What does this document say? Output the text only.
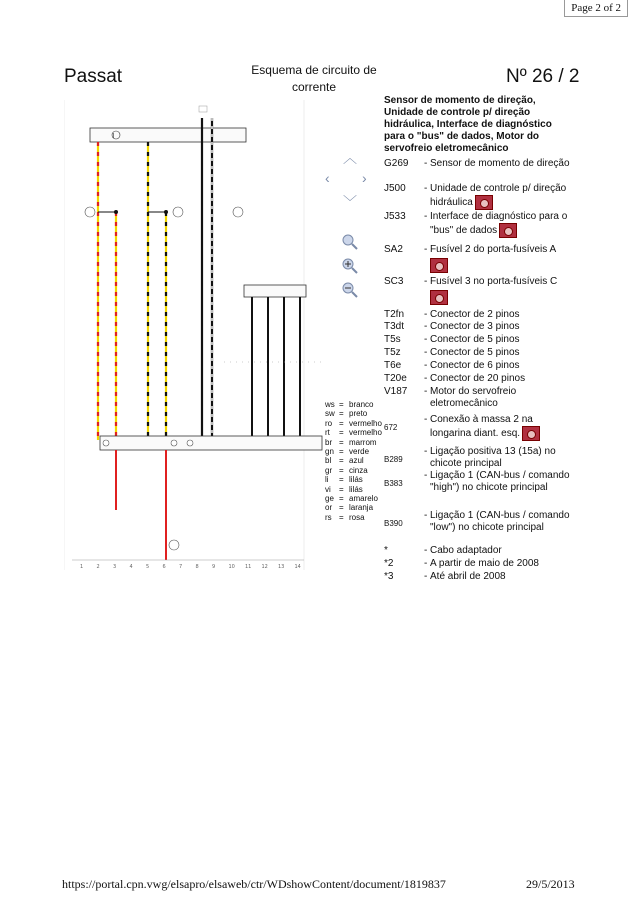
Page 2 of 2
Passat	Esquema de circuito de
corrente	Nº 26 / 2
J
1	2	3	4	5	6	7	8	9	10 11 12 13 14
︿
‹ ›
﹀
Sensor de momento de direção, Unidade de controle p/ direção hidráulica, Interface de diagnóstico para o "bus" de dados, Motor do servofreio eletromecânico
G269 - Sensor de momento de direção
J500 - Unidade de controle p/ direção hidráulica
J533 - Interface de diagnóstico para o "bus" de dados
SA2 - Fusível 2 do porta-fusíveis A
SC3 - Fusível 3 no porta-fusíveis C
T2fn - Conector de 2 pinos
T3dt - Conector de 3 pinos
T5s - Conector de 5 pinos
T5z - Conector de 5 pinos
T6e - Conector de 6 pinos
T20e - Conector de 20 pinos
V187 - Motor do servofreio eletromecânico
672
- Conexão à massa 2 na longarina diant. esq.
B289
- Ligação positiva 13 (15a) no chicote principal
B383
- Ligação 1 (CAN-bus / comando "high") no chicote principal
B390
- Ligação 1 (CAN-bus / comando "low") no chicote principal
*	- Cabo adaptador
*2	- A partir de maio de 2008
*3	- Até abril de 2008
ws = branco
sw = preto
ro = vermelho
rt = vermelho
br = marrom
gn = verde
bl = azul
gr = cinza
li = lilás
vi = lilás
ge = amarelo
or = laranja
rs = rosa
https://portal.cpn.vwg/elsapro/elsaweb/ctr/WDshowContent/document/1819837	29/5/2013
